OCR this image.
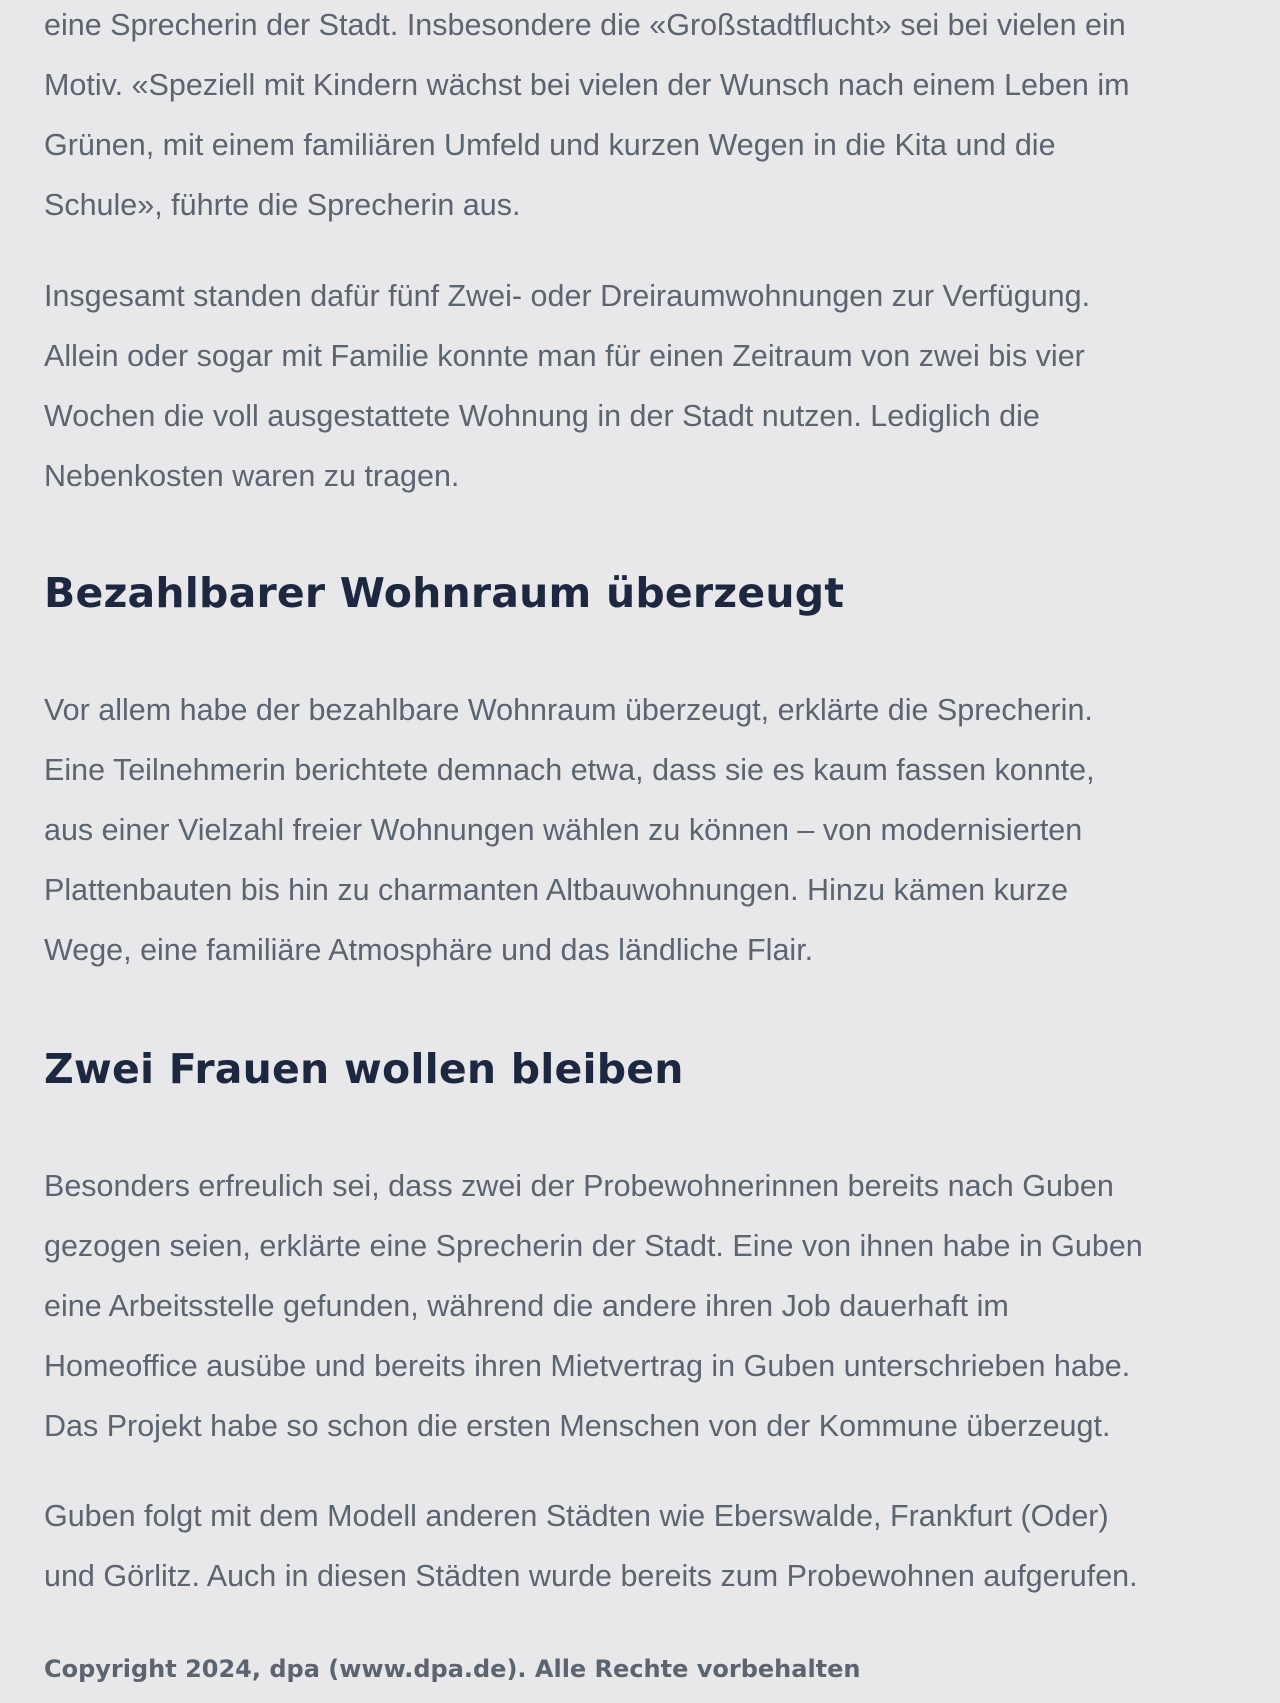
eine Sprecherin der Stadt. Insbesondere die «Großstadtflucht» sei bei vielen ein
Motiv. «Speziell mit Kindern wächst bei vielen der Wunsch nach einem Leben im
Grünen, mit einem familiären Umfeld und kurzen Wegen in die Kita und die
Schule», führte die Sprecherin aus.
Insgesamt standen dafür fünf Zwei- oder Dreiraumwohnungen zur Verfügung.
Allein oder sogar mit Familie konnte man für einen Zeitraum von zwei bis vier
Wochen die voll ausgestattete Wohnung in der Stadt nutzen. Lediglich die
Nebenkosten waren zu tragen.
Bezahlbarer Wohnraum überzeugt
Vor allem habe der bezahlbare Wohnraum überzeugt, erklärte die Sprecherin.
Eine Teilnehmerin berichtete demnach etwa, dass sie es kaum fassen konnte,
aus einer Vielzahl freier Wohnungen wählen zu können – von modernisierten
Plattenbauten bis hin zu charmanten Altbauwohnungen. Hinzu kämen kurze
Wege, eine familiäre Atmosphäre und das ländliche Flair.
Zwei Frauen wollen bleiben
Besonders erfreulich sei, dass zwei der Probewohnerinnen bereits nach Guben
gezogen seien, erklärte eine Sprecherin der Stadt. Eine von ihnen habe in Guben
eine Arbeitsstelle gefunden, während die andere ihren Job dauerhaft im
Homeoffice ausübe und bereits ihren Mietvertrag in Guben unterschrieben habe.
Das Projekt habe so schon die ersten Menschen von der Kommune überzeugt.
Guben folgt mit dem Modell anderen Städten wie Eberswalde, Frankfurt (Oder)
und Görlitz. Auch in diesen Städten wurde bereits zum Probewohnen aufgerufen.

Copyright 2024, dpa (www.dpa.de). Alle Rechte vorbehalten
